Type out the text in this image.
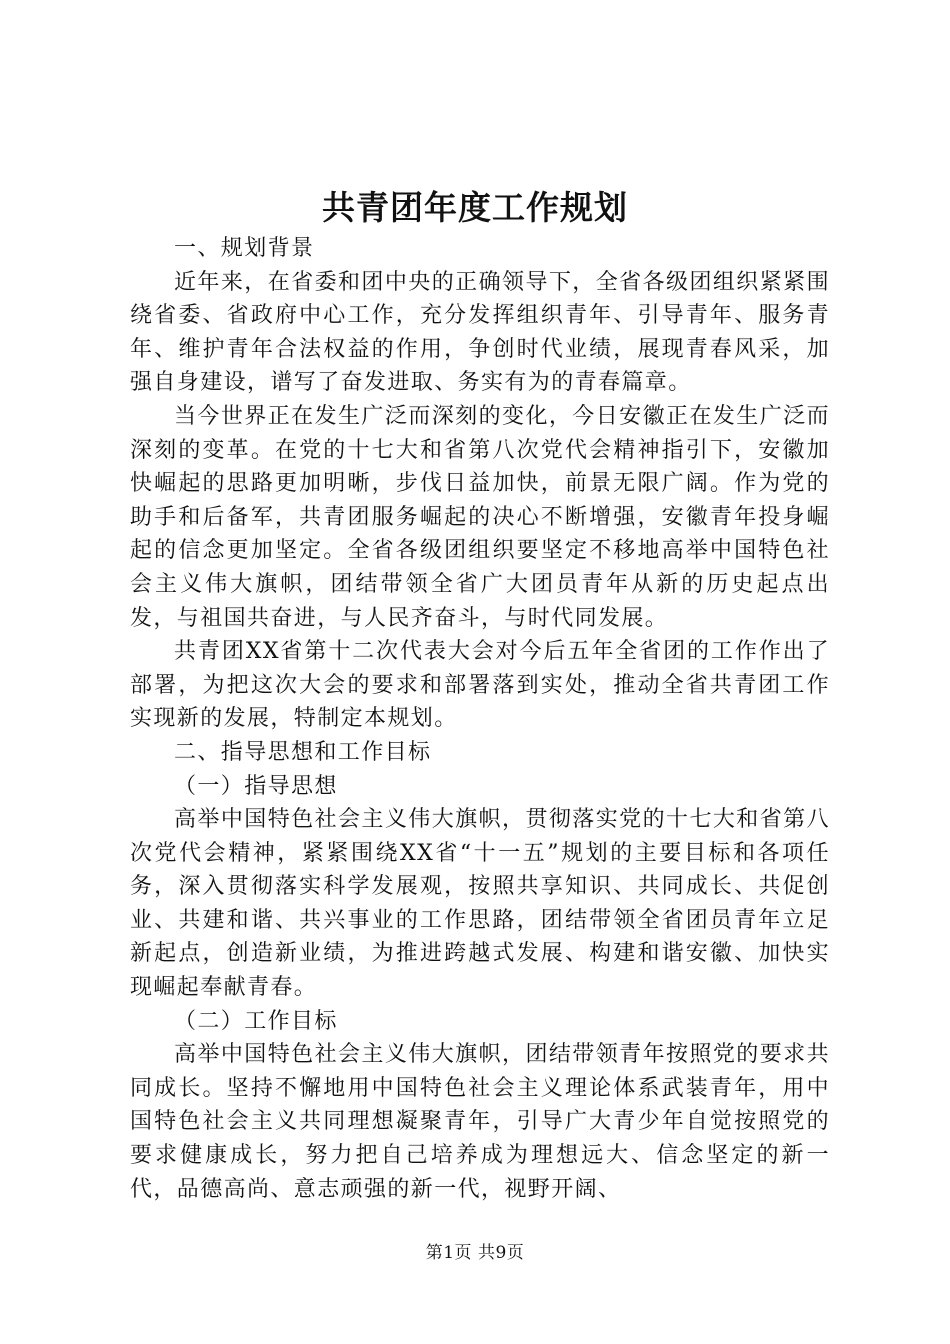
共青团年度工作规划

一、规划背景

近年来，在省委和团中央的正确领导下，全省各级团组织紧紧围绕省委、省政府中心工作，充分发挥组织青年、引导青年、服务青年、维护青年合法权益的作用，争创时代业绩，展现青春风采，加强自身建设，谱写了奋发进取、务实有为的青春篇章。

当今世界正在发生广泛而深刻的变化，今日安徽正在发生广泛而深刻的变革。在党的十七大和省第八次党代会精神指引下，安徽加快崛起的思路更加明晰，步伐日益加快，前景无限广阔。作为党的助手和后备军，共青团服务崛起的决心不断增强，安徽青年投身崛起的信念更加坚定。全省各级团组织要坚定不移地高举中国特色社会主义伟大旗帜，团结带领全省广大团员青年从新的历史起点出发，与祖国共奋进，与人民齐奋斗，与时代同发展。

共青团XX省第十二次代表大会对今后五年全省团的工作作出了部署，为把这次大会的要求和部署落到实处，推动全省共青团工作实现新的发展，特制定本规划。

二、指导思想和工作目标

（一）指导思想

高举中国特色社会主义伟大旗帜，贯彻落实党的十七大和省第八次党代会精神，紧紧围绕XX省“十一五”规划的主要目标和各项任务，深入贯彻落实科学发展观，按照共享知识、共同成长、共促创业、共建和谐、共兴事业的工作思路，团结带领全省团员青年立足新起点，创造新业绩，为推进跨越式发展、构建和谐安徽、加快实现崛起奉献青春。

（二）工作目标

高举中国特色社会主义伟大旗帜，团结带领青年按照党的要求共同成长。坚持不懈地用中国特色社会主义理论体系武装青年，用中国特色社会主义共同理想凝聚青年，引导广大青少年自觉按照党的要求健康成长，努力把自己培养成为理想远大、信念坚定的新一代，品德高尚、意志顽强的新一代，视野开阔、

第1页 共9页
